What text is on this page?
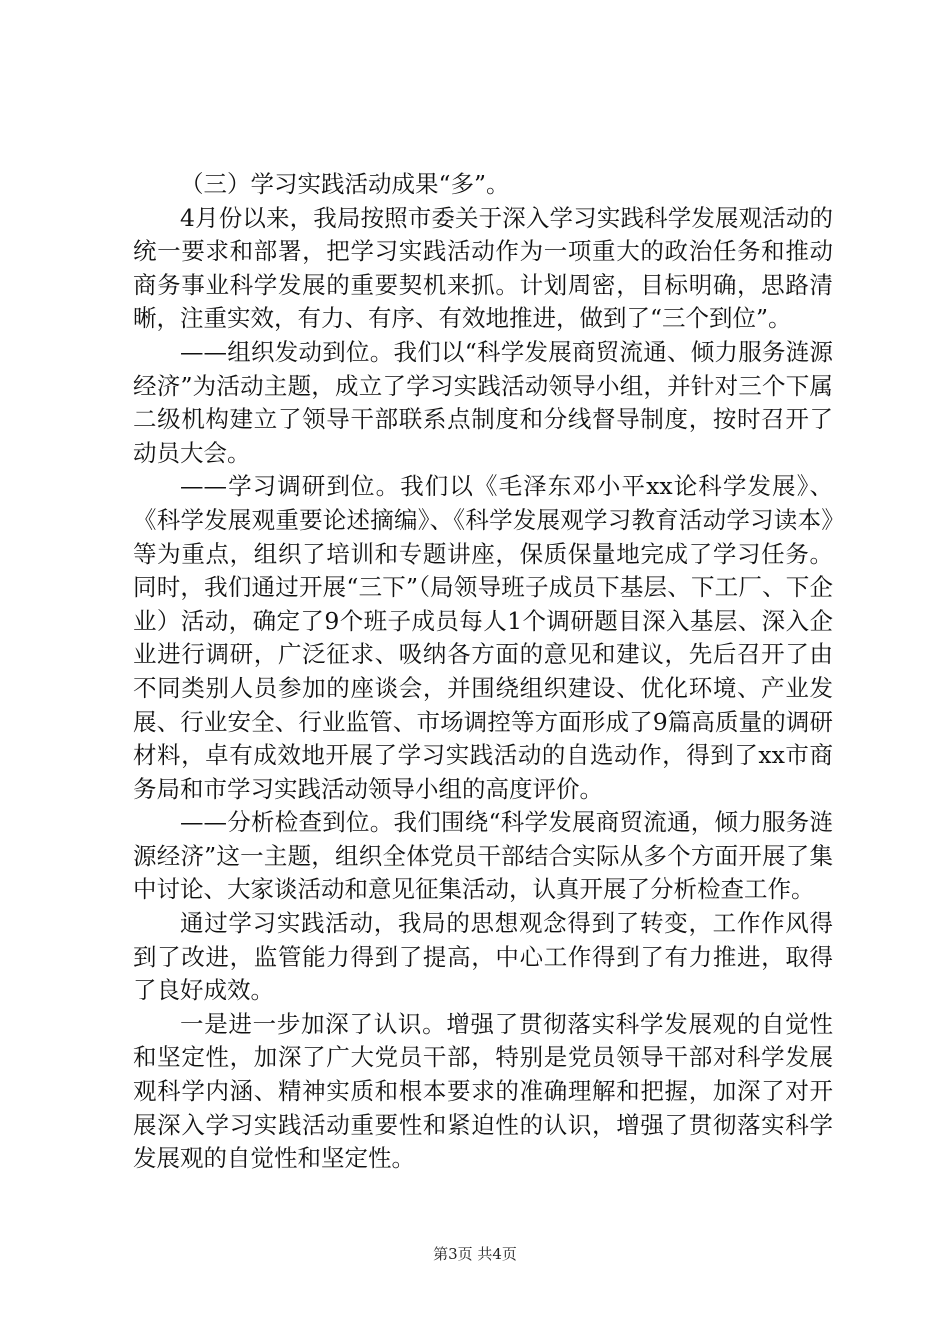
（三）学习实践活动成果“多”。

4月份以来，我局按照市委关于深入学习实践科学发展观活动的统一要求和部署，把学习实践活动作为一项重大的政治任务和推动商务事业科学发展的重要契机来抓。计划周密，目标明确，思路清晰，注重实效，有力、有序、有效地推进，做到了“三个到位”。

——组织发动到位。我们以“科学发展商贸流通、倾力服务涟源经济”为活动主题，成立了学习实践活动领导小组，并针对三个下属二级机构建立了领导干部联系点制度和分线督导制度，按时召开了动员大会。

——学习调研到位。我们以《毛泽东邓小平xx论科学发展》、《科学发展观重要论述摘编》、《科学发展观学习教育活动学习读本》等为重点，组织了培训和专题讲座，保质保量地完成了学习任务。同时，我们通过开展“三下”（局领导班子成员下基层、下工厂、下企业）活动，确定了9个班子成员每人1个调研题目深入基层、深入企业进行调研，广泛征求、吸纳各方面的意见和建议，先后召开了由不同类别人员参加的座谈会，并围绕组织建设、优化环境、产业发展、行业安全、行业监管、市场调控等方面形成了9篇高质量的调研材料，卓有成效地开展了学习实践活动的自选动作，得到了xx市商务局和市学习实践活动领导小组的高度评价。

——分析检查到位。我们围绕“科学发展商贸流通，倾力服务涟源经济”这一主题，组织全体党员干部结合实际从多个方面开展了集中讨论、大家谈活动和意见征集活动，认真开展了分析检查工作。

通过学习实践活动，我局的思想观念得到了转变，工作作风得到了改进，监管能力得到了提高，中心工作得到了有力推进，取得了良好成效。

一是进一步加深了认识。增强了贯彻落实科学发展观的自觉性和坚定性，加深了广大党员干部，特别是党员领导干部对科学发展观科学内涵、精神实质和根本要求的准确理解和把握，加深了对开展深入学习实践活动重要性和紧迫性的认识，增强了贯彻落实科学发展观的自觉性和坚定性。

第3页 共4页
